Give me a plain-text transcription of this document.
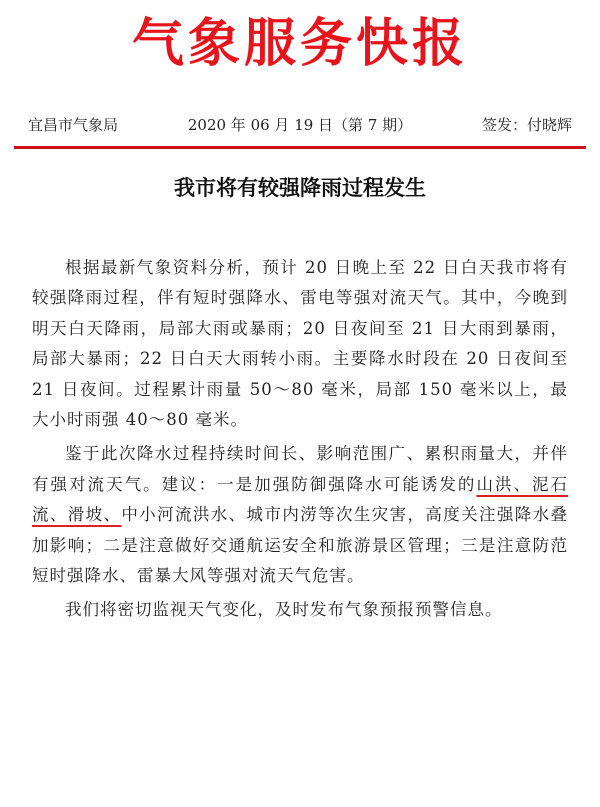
气象服务快报
宜昌市气象局	2020 年 06 月 19 日（第 7 期）	签发：付晓辉
我市将有较强降雨过程发生

根据最新气象资料分析，预计 20 日晚上至 22 日白天我市将有较强降雨过程，伴有短时强降水、雷电等强对流天气。其中，今晚到明天白天降雨，局部大雨或暴雨；20 日夜间至 21 日大雨到暴雨，局部大暴雨；22 日白天大雨转小雨。主要降水时段在 20 日夜间至 21 日夜间。过程累计雨量 50～80 毫米，局部 150 毫米以上，最大小时雨强 40～80 毫米。

鉴于此次降水过程持续时间长、影响范围广、累积雨量大，并伴有强对流天气。建议：一是加强防御强降水可能诱发的山洪、泥石流、滑坡、中小河流洪水、城市内涝等次生灾害，高度关注强降水叠加影响；二是注意做好交通航运安全和旅游景区管理；三是注意防范短时强降水、雷暴大风等强对流天气危害。

我们将密切监视天气变化，及时发布气象预报预警信息。
